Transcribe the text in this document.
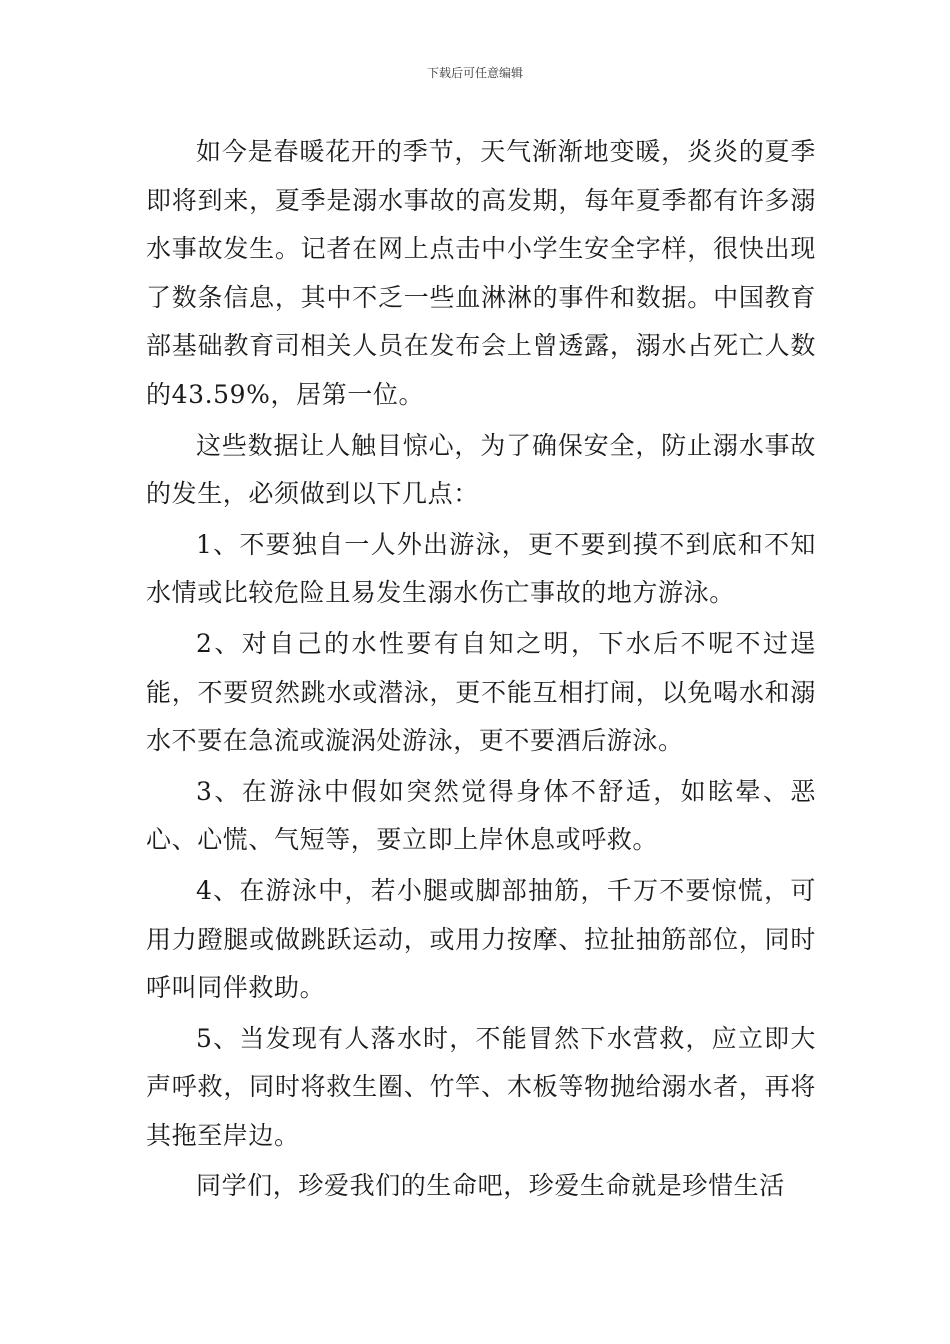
下载后可任意编辑

如今是春暖花开的季节，天气渐渐地变暖，炎炎的夏季即将到来，夏季是溺水事故的高发期，每年夏季都有许多溺水事故发生。记者在网上点击中小学生安全字样，很快出现了数条信息，其中不乏一些血淋淋的事件和数据。中国教育部基础教育司相关人员在发布会上曾透露，溺水占死亡人数的43.59%，居第一位。

这些数据让人触目惊心，为了确保安全，防止溺水事故的发生，必须做到以下几点：

1、不要独自一人外出游泳，更不要到摸不到底和不知水情或比较危险且易发生溺水伤亡事故的地方游泳。

2、对自己的水性要有自知之明，下水后不呢不过逞能，不要贸然跳水或潜泳，更不能互相打闹，以免喝水和溺水不要在急流或漩涡处游泳，更不要酒后游泳。

3、在游泳中假如突然觉得身体不舒适，如眩晕、恶心、心慌、气短等，要立即上岸休息或呼救。

4、在游泳中，若小腿或脚部抽筋，千万不要惊慌，可用力蹬腿或做跳跃运动，或用力按摩、拉扯抽筋部位，同时呼叫同伴救助。

5、当发现有人落水时，不能冒然下水营救，应立即大声呼救，同时将救生圈、竹竿、木板等物抛给溺水者，再将其拖至岸边。

同学们，珍爱我们的生命吧，珍爱生命就是珍惜生活
